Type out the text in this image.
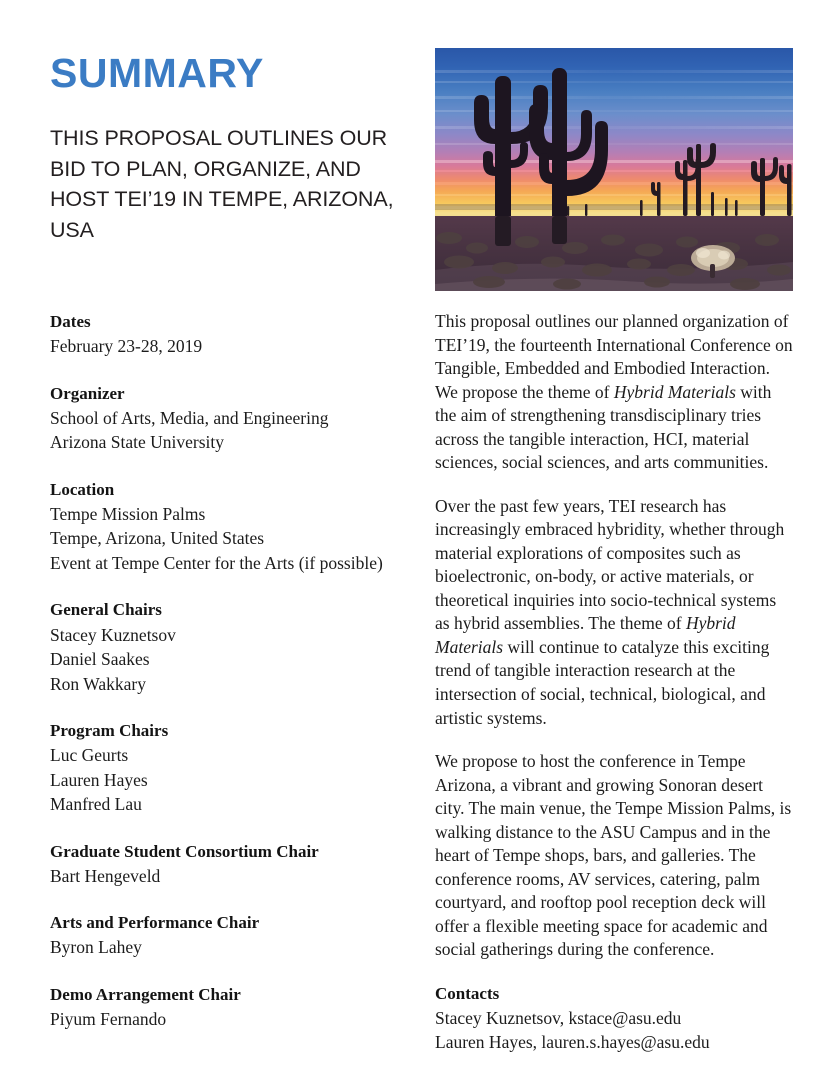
SUMMARY

THIS PROPOSAL OUTLINES OUR BID TO PLAN, ORGANIZE, AND HOST TEI’19 IN TEMPE, ARIZONA, USA

Dates

February 23-28, 2019

Organizer

School of Arts, Media, and Engineering

Arizona State University

Location

Tempe Mission Palms

Tempe, Arizona, United States

Event at Tempe Center for the Arts (if possible)

General Chairs

Stacey Kuznetsov

Daniel Saakes

Ron Wakkary

Program Chairs

Luc Geurts

Lauren Hayes

Manfred Lau

Graduate Student Consortium Chair

Bart Hengeveld

Arts and Performance Chair

Byron Lahey

Demo Arrangement Chair

Piyum Fernando

This proposal outlines our planned organization of TEI’19, the fourteenth International Conference on Tangible, Embedded and Embodied Interaction. We propose the theme of Hybrid Materials with the aim of strengthening transdisciplinary tries across the tangible interaction, HCI, material sciences, social sciences, and arts communities.

Over the past few years, TEI research has increasingly embraced hybridity, whether through material explorations of composites such as bioelectronic, on-body, or active materials, or theoretical inquiries into socio-technical systems as hybrid assemblies. The theme of Hybrid Materials will continue to catalyze this exciting trend of tangible interaction research at the intersection of social, technical, biological, and artistic systems.

We propose to host the conference in Tempe Arizona, a vibrant and growing Sonoran desert city. The main venue, the Tempe Mission Palms, is walking distance to the ASU Campus and in the heart of Tempe shops, bars, and galleries. The conference rooms, AV services, catering, palm courtyard, and rooftop pool reception deck will offer a flexible meeting space for academic and social gatherings during the conference.

Contacts

Stacey Kuznetsov, kstace@asu.edu

Lauren Hayes, lauren.s.hayes@asu.edu
